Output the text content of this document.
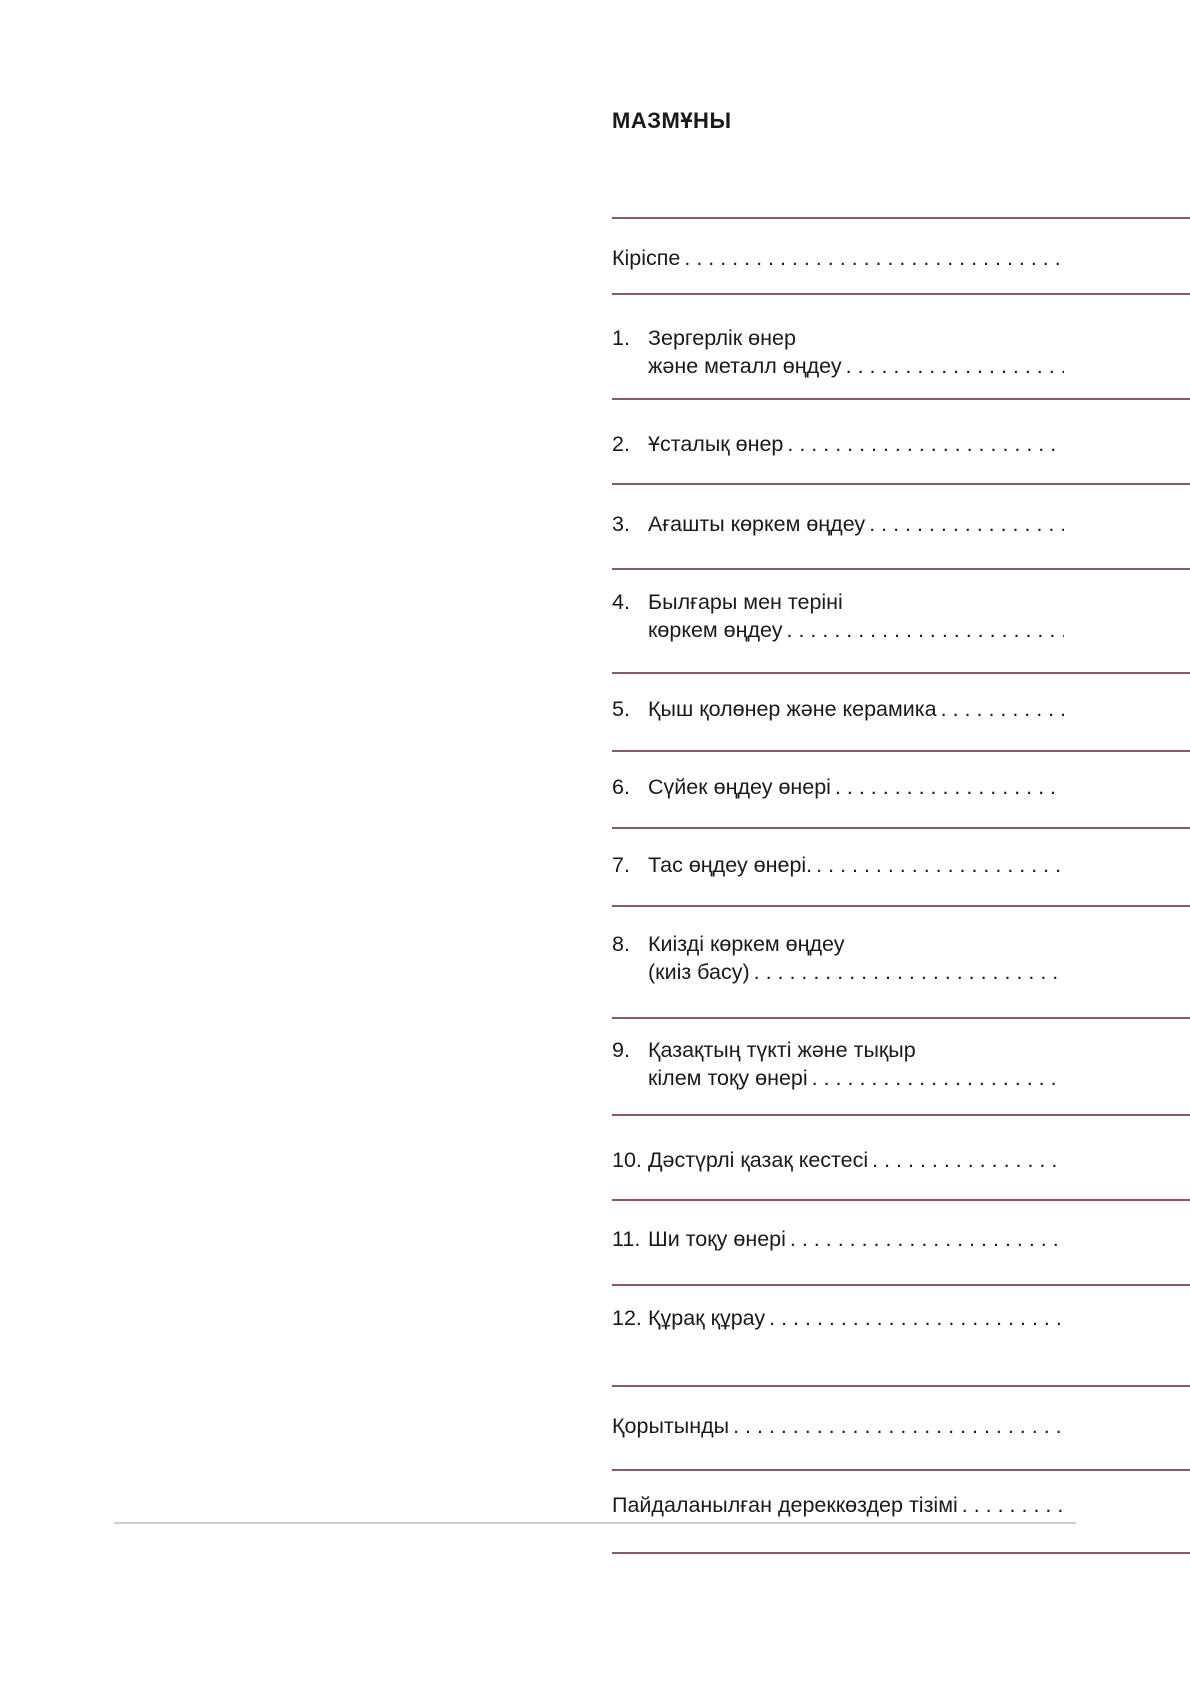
МАЗМҰНЫ
Кіріспе
. . .
1. Зергерлік өнер
және металл өңдеу
. . .
2. Ұсталық өнер
. . .
3. Ағашты көркем өңдеу
. . .
4. Былғары мен теріні
көркем өңдеу
. . .
5. Қыш қолөнер және керамика
. . .
6. Сүйек өңдеу өнері
. . .
7. Тас өңдеу өнері.
. . .
8. Киізді көркем өңдеу
(киіз басу)
. . .
9. Қазақтың түкті және тықыр
кілем тоқу өнері
. . .
10. Дәстүрлі қазақ кестесі
. . .
11. Ши тоқу өнері
. . .
12. Құрақ құрау
. . .
Қорытынды
. . .
Пайдаланылған дереккөздер тізімі
. . .
